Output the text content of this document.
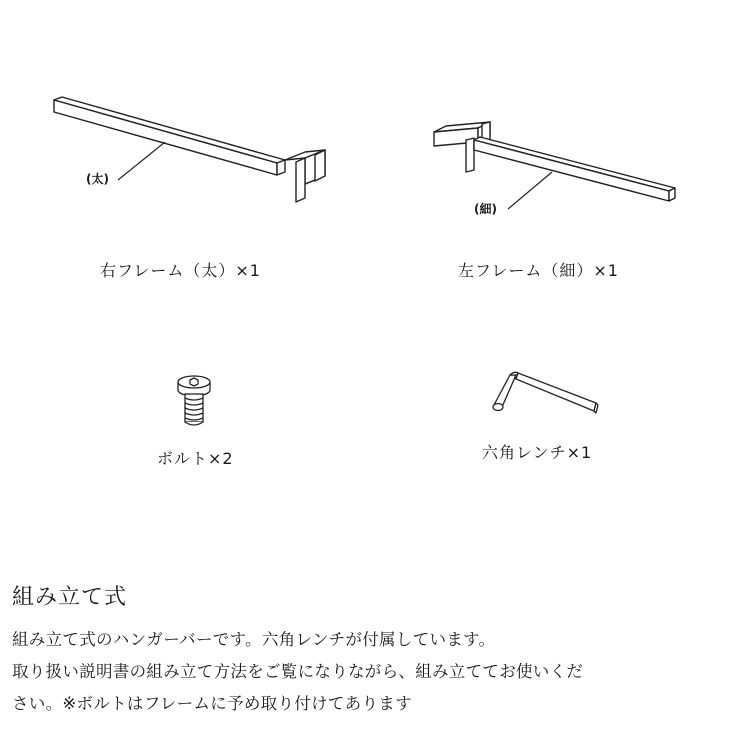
(太)
右フレーム（太）×1
(細)
左フレーム（細）×1
ボルト×2	六角レンチ×1
組み立て式
組み立て式のハンガーバーです。六角レンチが付属しています。
取り扱い説明書の組み立て方法をご覧になりながら、組み立ててお使いくだ
さい。※ボルトはフレームに予め取り付けてあります
